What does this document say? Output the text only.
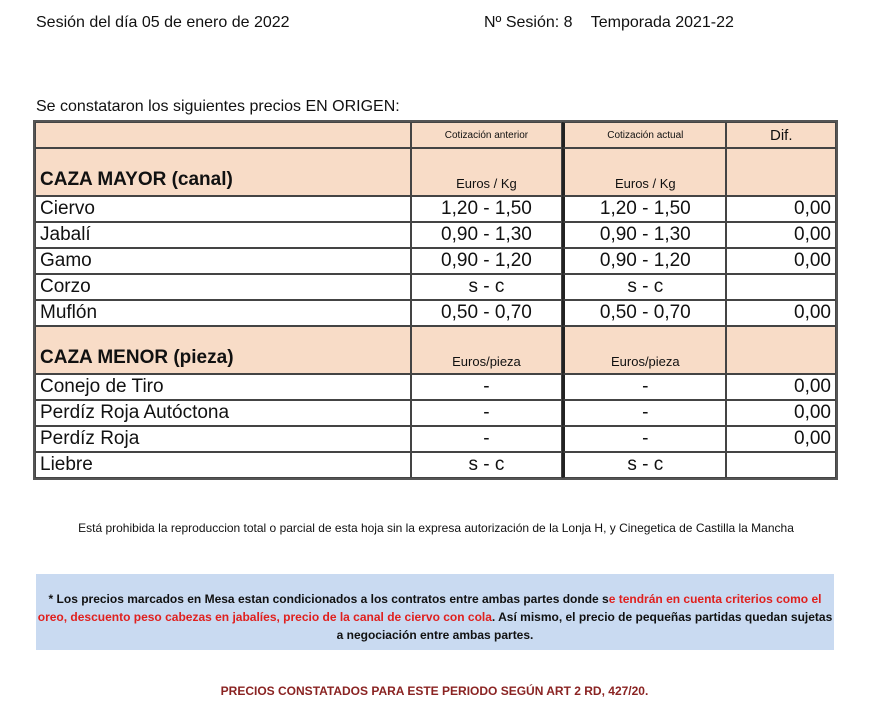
Sesión del día 05 de enero de 2022	Nº Sesión: 8 Temporada 2021-22
Se constataron los siguientes precios EN ORIGEN:
	Cotización anterior	Cotización actual	Dif.
CAZA MAYOR (canal)	Euros / Kg	Euros / Kg	
Ciervo	1,20 - 1,50	1,20 - 1,50	0,00
Jabalí	0,90 - 1,30	0,90 - 1,30	0,00
Gamo	0,90 - 1,20	0,90 - 1,20	0,00
Corzo	s - c	s - c	
Muflón	0,50 - 0,70	0,50 - 0,70	0,00
CAZA MENOR (pieza)	Euros/pieza	Euros/pieza	
Conejo de Tiro	-	-	0,00
Perdíz Roja Autóctona	-	-	0,00
Perdíz Roja	-	-	0,00
Liebre	s - c	s - c	
Está prohibida la reproduccion total o parcial de esta hoja sin la expresa autorización de la Lonja H, y Cinegetica de Castilla la Mancha
* Los precios marcados en Mesa estan condicionados a los contratos entre ambas partes donde se tendrán en cuenta criterios como el oreo, descuento peso cabezas en jabalíes, precio de la canal de ciervo con cola. Así mismo, el precio de pequeñas partidas quedan sujetas a negociación entre ambas partes.
PRECIOS CONSTATADOS PARA ESTE PERIODO SEGÚN ART 2 RD, 427/20.
